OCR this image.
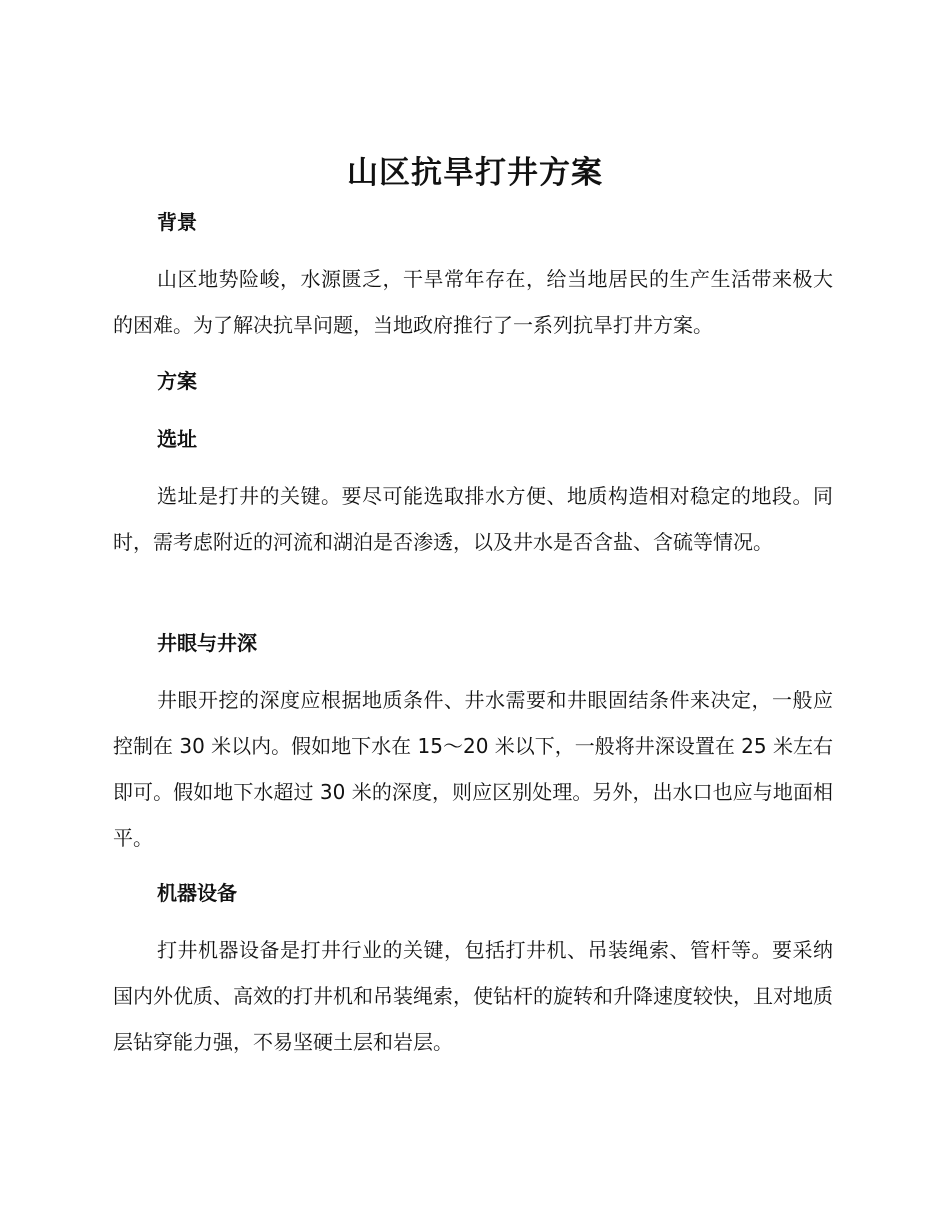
山区抗旱打井方案
背景
山区地势险峻，水源匮乏，干旱常年存在，给当地居民的生产生活带来极大的困难。为了解决抗旱问题，当地政府推行了一系列抗旱打井方案。
方案
选址
选址是打井的关键。要尽可能选取排水方便、地质构造相对稳定的地段。同时，需考虑附近的河流和湖泊是否渗透，以及井水是否含盐、含硫等情况。
井眼与井深
井眼开挖的深度应根据地质条件、井水需要和井眼固结条件来决定，一般应控制在 30 米以内。假如地下水在 15～20 米以下，一般将井深设置在 25 米左右即可。假如地下水超过 30 米的深度，则应区别处理。另外，出水口也应与地面相平。
机器设备
打井机器设备是打井行业的关键，包括打井机、吊装绳索、管杆等。要采纳国内外优质、高效的打井机和吊装绳索，使钻杆的旋转和升降速度较快，且对地质层钻穿能力强，不易坚硬土层和岩层。
